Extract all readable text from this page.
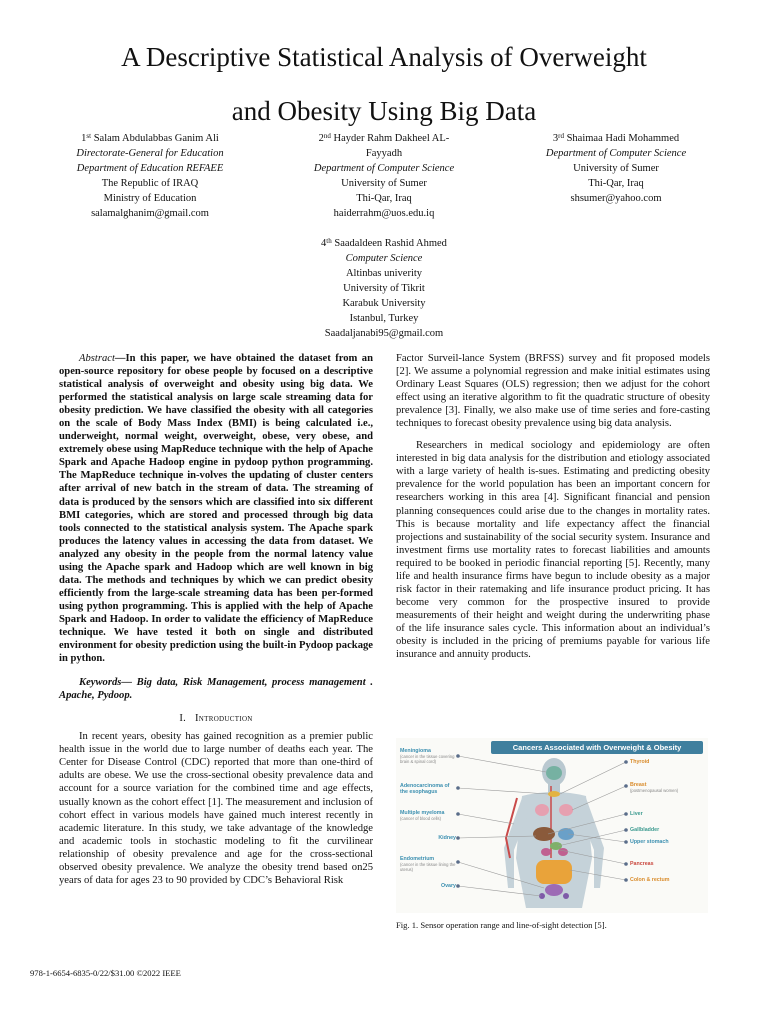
A Descriptive Statistical Analysis of Overweight
and Obesity Using Big Data
1st Salam Abdulabbas Ganim Ali
Directorate-General for Education
Department of Education REFAEE
The Republic of IRAQ
Ministry of Education
salamalghanim@gmail.com
2nd Hayder Rahm Dakheel AL-
Fayyadh
Department of Computer Science
University of Sumer
Thi-Qar, Iraq
haiderrahm@uos.edu.iq
3rd Shaimaa Hadi Mohammed
Department of Computer Science
University of Sumer
Thi-Qar, Iraq
shsumer@yahoo.com
4th Saadaldeen Rashid Ahmed
Computer Science
Altinbas univerity
University of Tikrit
Karabuk University
Istanbul, Turkey
Saadaljanabi95@gmail.com

Abstract—In this paper, we have obtained the dataset from an open-source repository for obese people by focused on a descriptive statistical analysis of overweight and obesity using big data. We performed the statistical analysis on large scale streaming data for obesity prediction. We have classified the obesity with all categories on the scale of Body Mass Index (BMI) is being calculated i.e., underweight, normal weight, overweight, obese, very obese, and extremely obese using MapReduce technique with the help of Apache Spark and Apache Hadoop engine in pydoop python programming. The MapReduce technique in-volves the updating of cluster centers after arrival of new batch in the stream of data. The streaming of data is produced by the sensors which are classified into six different BMI categories, which are stored and processed through big data tools connected to the statistical analysis system. The Apache spark produces the latency values in accessing the data from dataset. We analyzed any obesity in the people from the normal latency value using the Apache spark and Hadoop which are well known in big data. The methods and techniques by which we can predict obesity efficiently from the large-scale streaming data has been per-formed using python programming. This is applied with the help of Apache Spark and Hadoop. In order to validate the efficiency of MapReduce technique. We have tested it both on single and distributed environment for obesity prediction using the built-in Pydoop package in python.

Keywords— Big data, Risk Management, process management . Apache, Pydoop.

I. Introduction

In recent years, obesity has gained recognition as a premier public health issue in the world due to large number of deaths each year. The Center for Disease Control (CDC) reported that more than one-third of adults are obese. We use the cross-sectional obesity prevalence data and account for a source variation for the combined time and age effects, usually known as the cohort effect [1]. The measurement and inclusion of cohort effect in various models have gained much interest recently in academic literature. In this study, we take advantage of the knowledge and academic tools in stochastic modeling to fit the curvilinear relationship of obesity prevalence and age for the cross-sectional observed obesity prevalence. We analyze the obesity trend based on25 years of data for ages 23 to 90 provided by CDC’s Behavioral Risk

Factor Surveil-lance System (BRFSS) survey and fit proposed models [2]. We assume a polynomial regression and make initial estimates using Ordinary Least Squares (OLS) regression; then we adjust for the cohort effect using an iterative algorithm to fit the quadratic structure of obesity prevalence [3]. Finally, we also make use of time series and fore-casting techniques to forecast obesity prevalence using big data analysis.

Researchers in medical sociology and epidemiology are often interested in big data analysis for the distribution and etiology associated with a large variety of health is-sues. Estimating and predicting obesity prevalence for the world population has been an important concern for researchers working in this area [4]. Significant financial and pension planning consequences could arise due to the changes in mortality rates. This is because mortality and life expectancy affect the financial projections and sustainability of the social security system. Insurance and investment firms use mortality rates to forecast liabilities and amounts required to be booked in periodic financial reporting [5]. Recently, many life and health insurance firms have begun to include obesity as a major risk factor in their ratemaking and life insurance product pricing. It has become very common for the prospective insured to provide measurements of their height and weight during the underwriting phase of the life insurance sales cycle. This information about an individual’s obesity is included in the pricing of premiums payable for various life insurance and annuity products.

Cancers Associated with Overweight & Obesity
Meningioma
(cancer in the tissue covering brain & spinal cord)
Adenocarcinoma of the esophagus
Multiple myeloma
(cancer of blood cells)
Kidney
Endometrium
(cancer in the tissue lining the uterus)
Ovary
Thyroid
Breast
(postmenopausal women)
Liver
Gallbladder
Upper stomach
Pancreas
Colon & rectum
Fig. 1. Sensor operation range and line-of-sight detection [5].
978-1-6654-6835-0/22/$31.00 ©2022 IEEE
